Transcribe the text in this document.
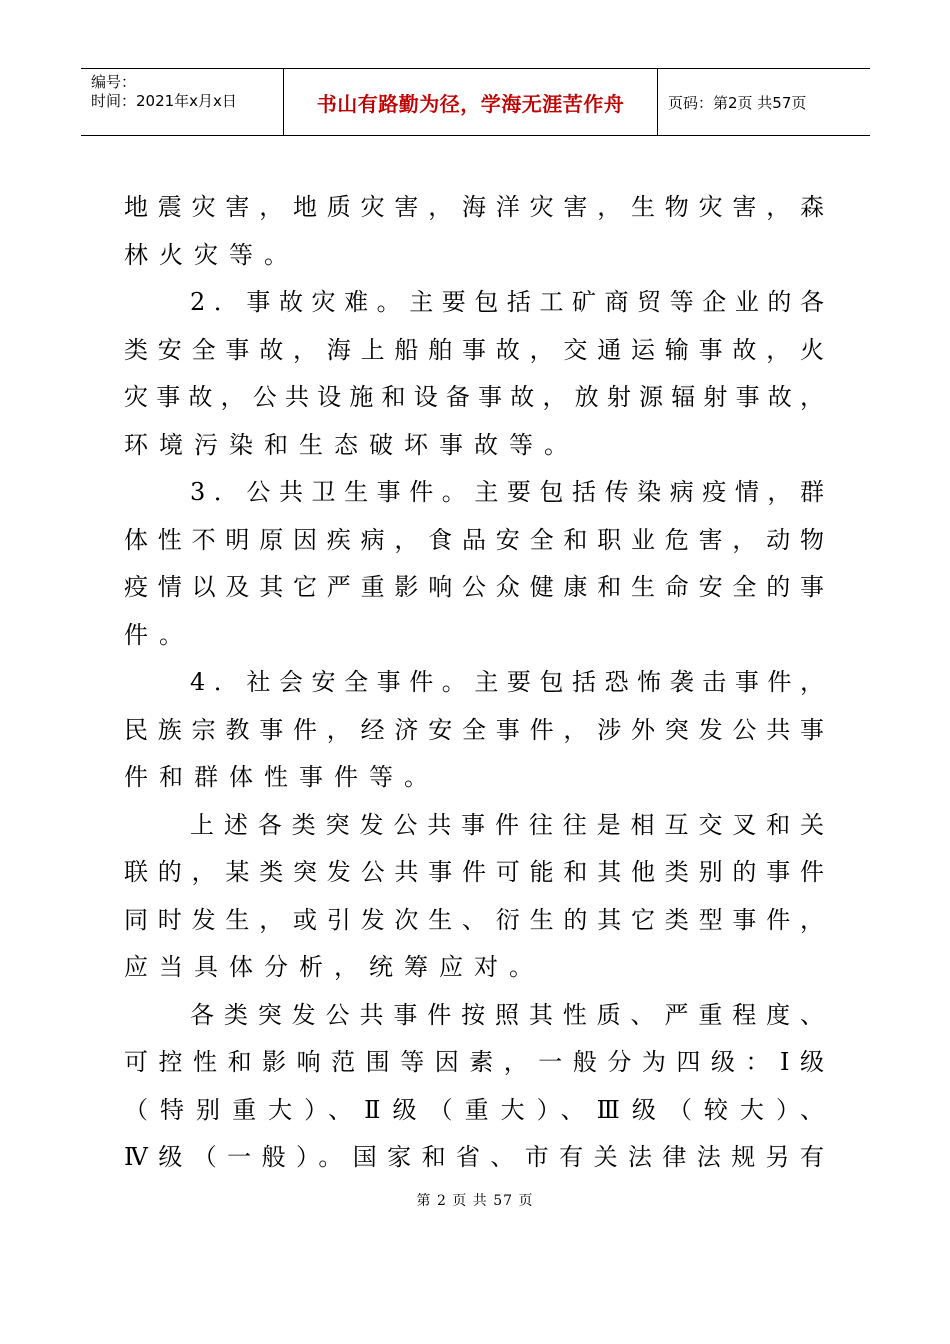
编号：
时间：2021年x月x日	书山有路勤为径，学海无涯苦作舟	页码：第2页 共57页
地震灾害，地质灾害，海洋灾害，生物灾害，森
林火灾等。
2．事故灾难。主要包括工矿商贸等企业的各
类安全事故，海上船舶事故，交通运输事故，火
灾事故，公共设施和设备事故，放射源辐射事故，
环境污染和生态破坏事故等。
3．公共卫生事件。主要包括传染病疫情，群
体性不明原因疾病，食品安全和职业危害，动物
疫情以及其它严重影响公众健康和生命安全的事
件。
4．社会安全事件。主要包括恐怖袭击事件，
民族宗教事件，经济安全事件，涉外突发公共事
件和群体性事件等。
上述各类突发公共事件往往是相互交叉和关
联的，某类突发公共事件可能和其他类别的事件
同时发生，或引发次生、衍生的其它类型事件，
应当具体分析，统筹应对。
各类突发公共事件按照其性质、严重程度、
可控性和影响范围等因素，一般分为四级：Ⅰ级
（特别重大）、Ⅱ级（重大）、Ⅲ级（较大）、
Ⅳ级（一般）。国家和省、市有关法律法规另有
第 2 页 共 57 页
